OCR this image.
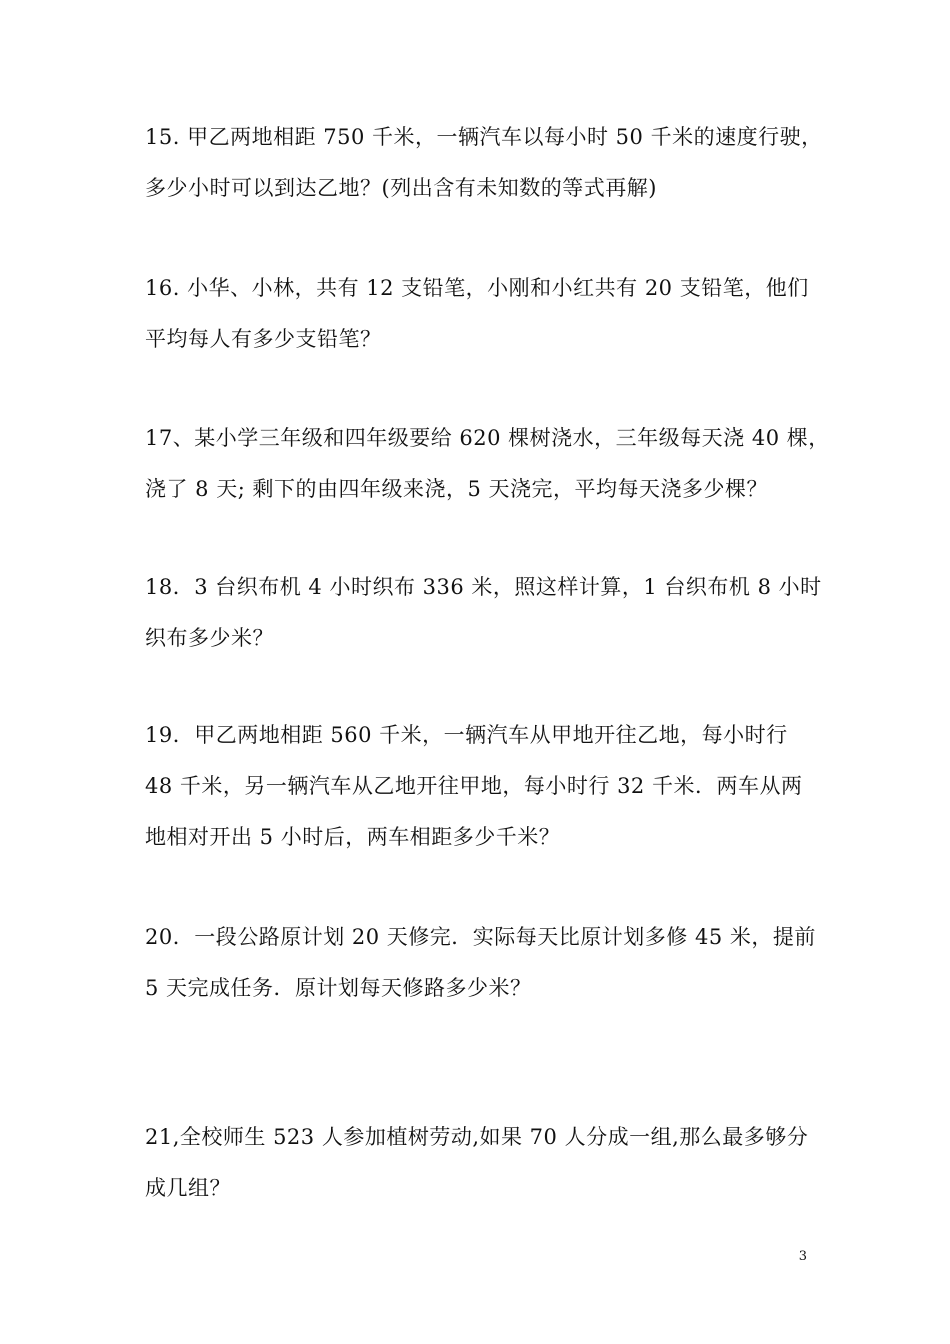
15. 甲乙两地相距 750 千米，一辆汽车以每小时 50 千米的速度行驶，
多少小时可以到达乙地？(列出含有未知数的等式再解)
16. 小华、小林，共有 12 支铅笔，小刚和小红共有 20 支铅笔，他们
平均每人有多少支铅笔？
17、某小学三年级和四年级要给 620 棵树浇水，三年级每天浇 40 棵，
浇了 8 天; 剩下的由四年级来浇，5 天浇完，平均每天浇多少棵？
18．3 台织布机 4 小时织布 336 米，照这样计算，1 台织布机 8 小时
织布多少米？
19．甲乙两地相距 560 千米，一辆汽车从甲地开往乙地，每小时行
48 千米，另一辆汽车从乙地开往甲地，每小时行 32 千米．两车从两
地相对开出 5 小时后，两车相距多少千米？
20．一段公路原计划 20 天修完．实际每天比原计划多修 45 米，提前
5 天完成任务．原计划每天修路多少米？
21,全校师生 523 人参加植树劳动,如果 70 人分成一组,那么最多够分
成几组？
3
